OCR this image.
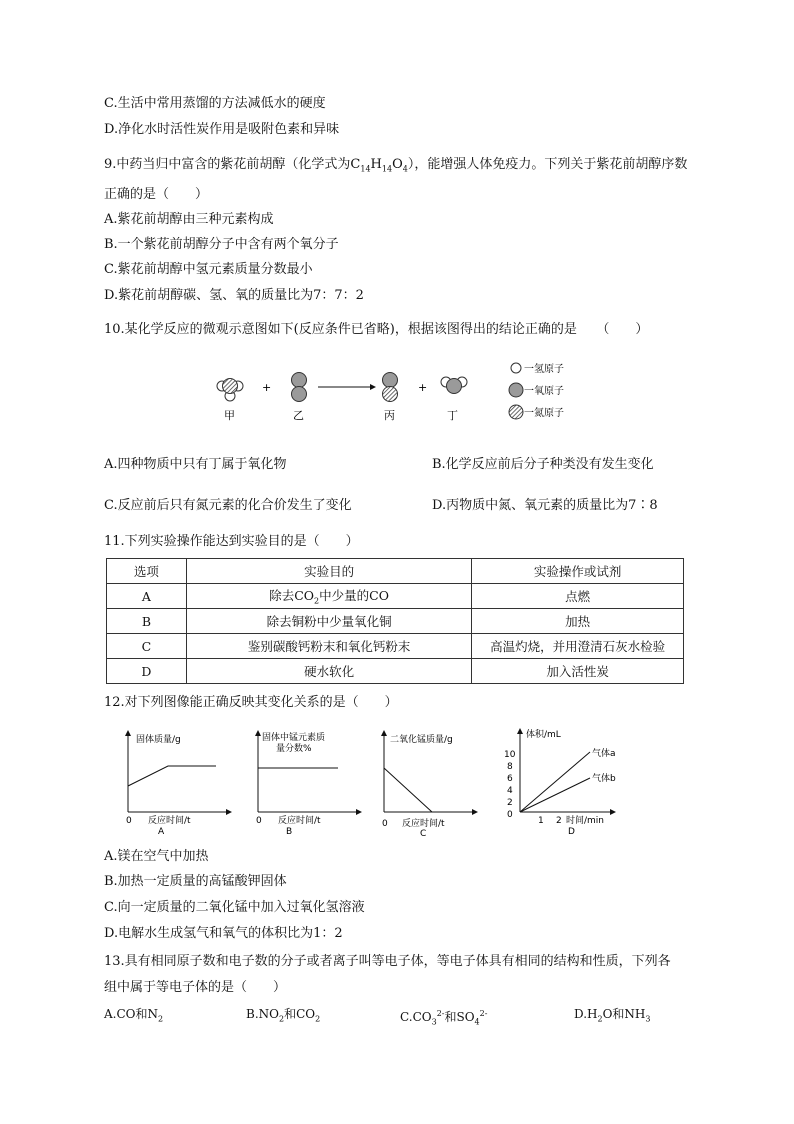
C.生活中常用蒸馏的方法减低水的硬度
D.净化水时活性炭作用是吸附色素和异味
9.中药当归中富含的紫花前胡醇（化学式为$C_{14}H_{14}O_4$），能增强人体免疫力。下列关于紫花前胡醇序数
正确的是（　　）
A.紫花前胡醇由三种元素构成
B.一个紫花前胡醇分子中含有两个氧分子
C.紫花前胡醇中氢元素质量分数最小
D.紫花前胡醇碳、氢、氧的质量比为7：7：2
10.某化学反应的微观示意图如下(反应条件已省略)，根据该图得出的结论正确的是　　（　　）
甲
+
乙	丙
+
丁
一氢原子
一氧原子
一氮原子
A.四种物质中只有丁属于氧化物	B.化学反应前后分子种类没有发生变化
C.反应前后只有氮元素的化合价发生了变化	D.丙物质中氮、氧元素的质量比为7∶8
11.下列实验操作能达到实验目的是（　　）
选项	实验目的	实验操作或试剂
A	除去$CO_2$中少量的CO	点燃
B	除去铜粉中少量氧化铜	加热
C	鉴别碳酸钙粉末和氧化钙粉末	高温灼烧，并用澄清石灰水检验
D	硬水软化	加入活性炭
12.对下列图像能正确反映其变化关系的是（　　）
固体质量/g
0 反应时间/t
A
固体中锰元素质
量分数%
0 反应时间/t
B
二氧化锰质量/g
0 反应时间/t
C
体积/mL
10
8
6
4
2
0
气体a
气体b
1 2 时间/min
D
A.镁在空气中加热
B.加热一定质量的高锰酸钾固体
C.向一定质量的二氧化锰中加入过氧化氢溶液
D.电解水生成氢气和氧气的体积比为1：2
13.具有相同原子数和电子数的分子或者离子叫等电子体，等电子体具有相同的结构和性质，下列各
组中属于等电子体的是（　　）
A.CO和$N_2$	$B.NO_2$和$CO_2$	$C.CO_3^{2-}$和$SO_4^{2-}$	$D.H_2O$和$NH_3$
